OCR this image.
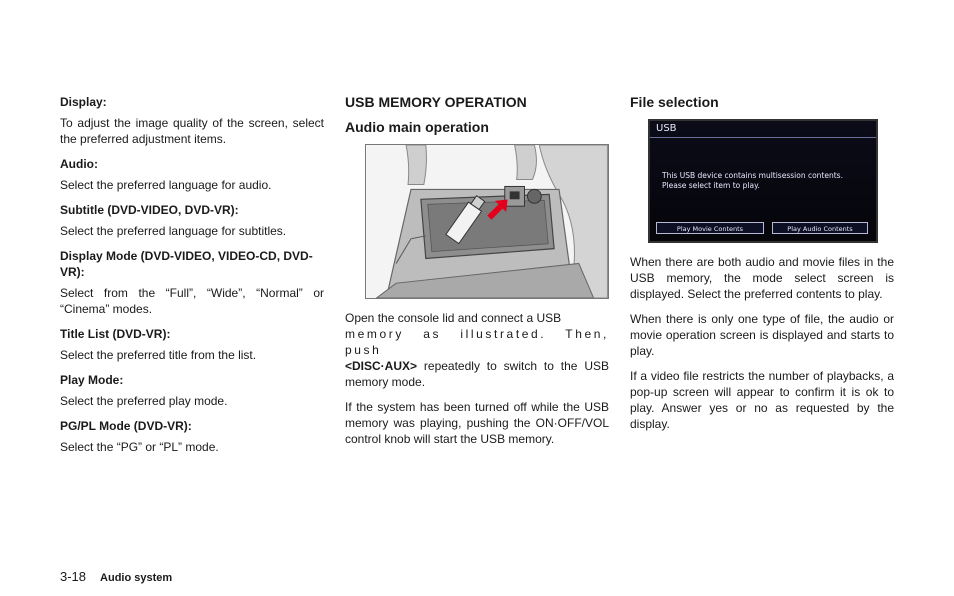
Display:
To adjust the image quality of the screen, select the preferred adjustment items.
Audio:
Select the preferred language for audio.
Subtitle (DVD-VIDEO, DVD-VR):
Select the preferred language for subtitles.
Display Mode (DVD-VIDEO, VIDEO-CD, DVD-VR):
Select from the “Full”, “Wide”, “Normal” or “Cinema” modes.
Title List (DVD-VR):
Select the preferred title from the list.
Play Mode:
Select the preferred play mode.
PG/PL Mode (DVD-VR):
Select the “PG” or “PL” mode.
USB MEMORY OPERATION
Audio main operation
Open the console lid and connect a USB
memory as illustrated. Then, push
<DISC·AUX> repeatedly to switch to the USB memory mode.
If the system has been turned off while the USB memory was playing, pushing the ON·OFF/VOL control knob will start the USB memory.
File selection
USB
This USB device contains multisession contents.
Please select item to play.
Play Movie Contents	Play Audio Contents
When there are both audio and movie files in the USB memory, the mode select screen is displayed. Select the preferred contents to play.
When there is only one type of file, the audio or movie operation screen is displayed and starts to play.
If a video file restricts the number of playbacks, a pop-up screen will appear to confirm it is ok to play. Answer yes or no as requested by the display.
3-18 Audio system
